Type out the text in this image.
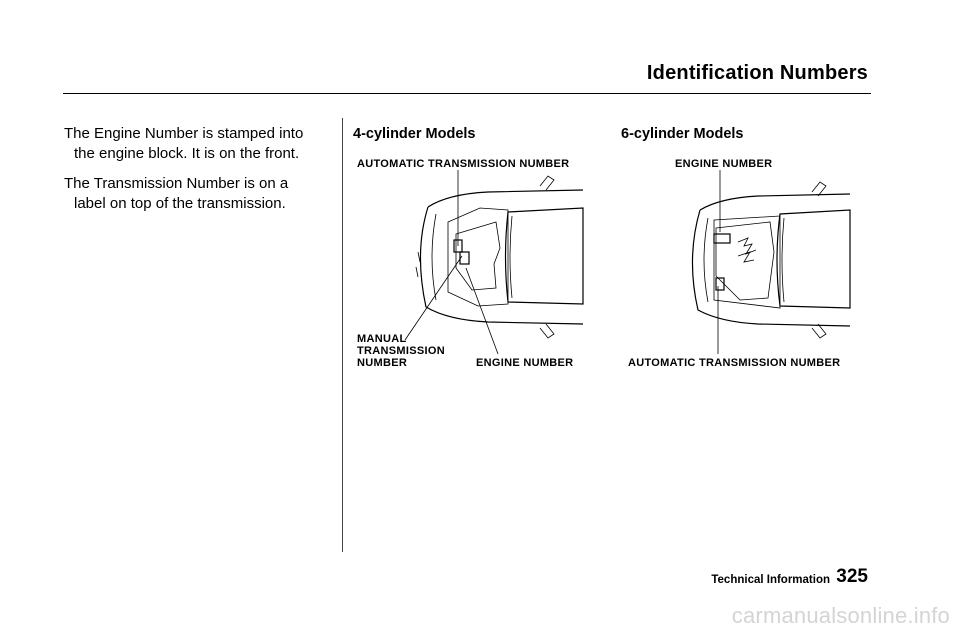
Identification Numbers
The Engine Number is stamped into
the engine block. It is on the front.
The Transmission Number is on a
label on top of the transmission.
4-cylinder Models
AUTOMATIC TRANSMISSION NUMBER
MANUAL
TRANSMISSION
NUMBER	ENGINE NUMBER
6-cylinder Models
ENGINE NUMBER
AUTOMATIC TRANSMISSION NUMBER
Technical Information 325
carmanualsonline.info
